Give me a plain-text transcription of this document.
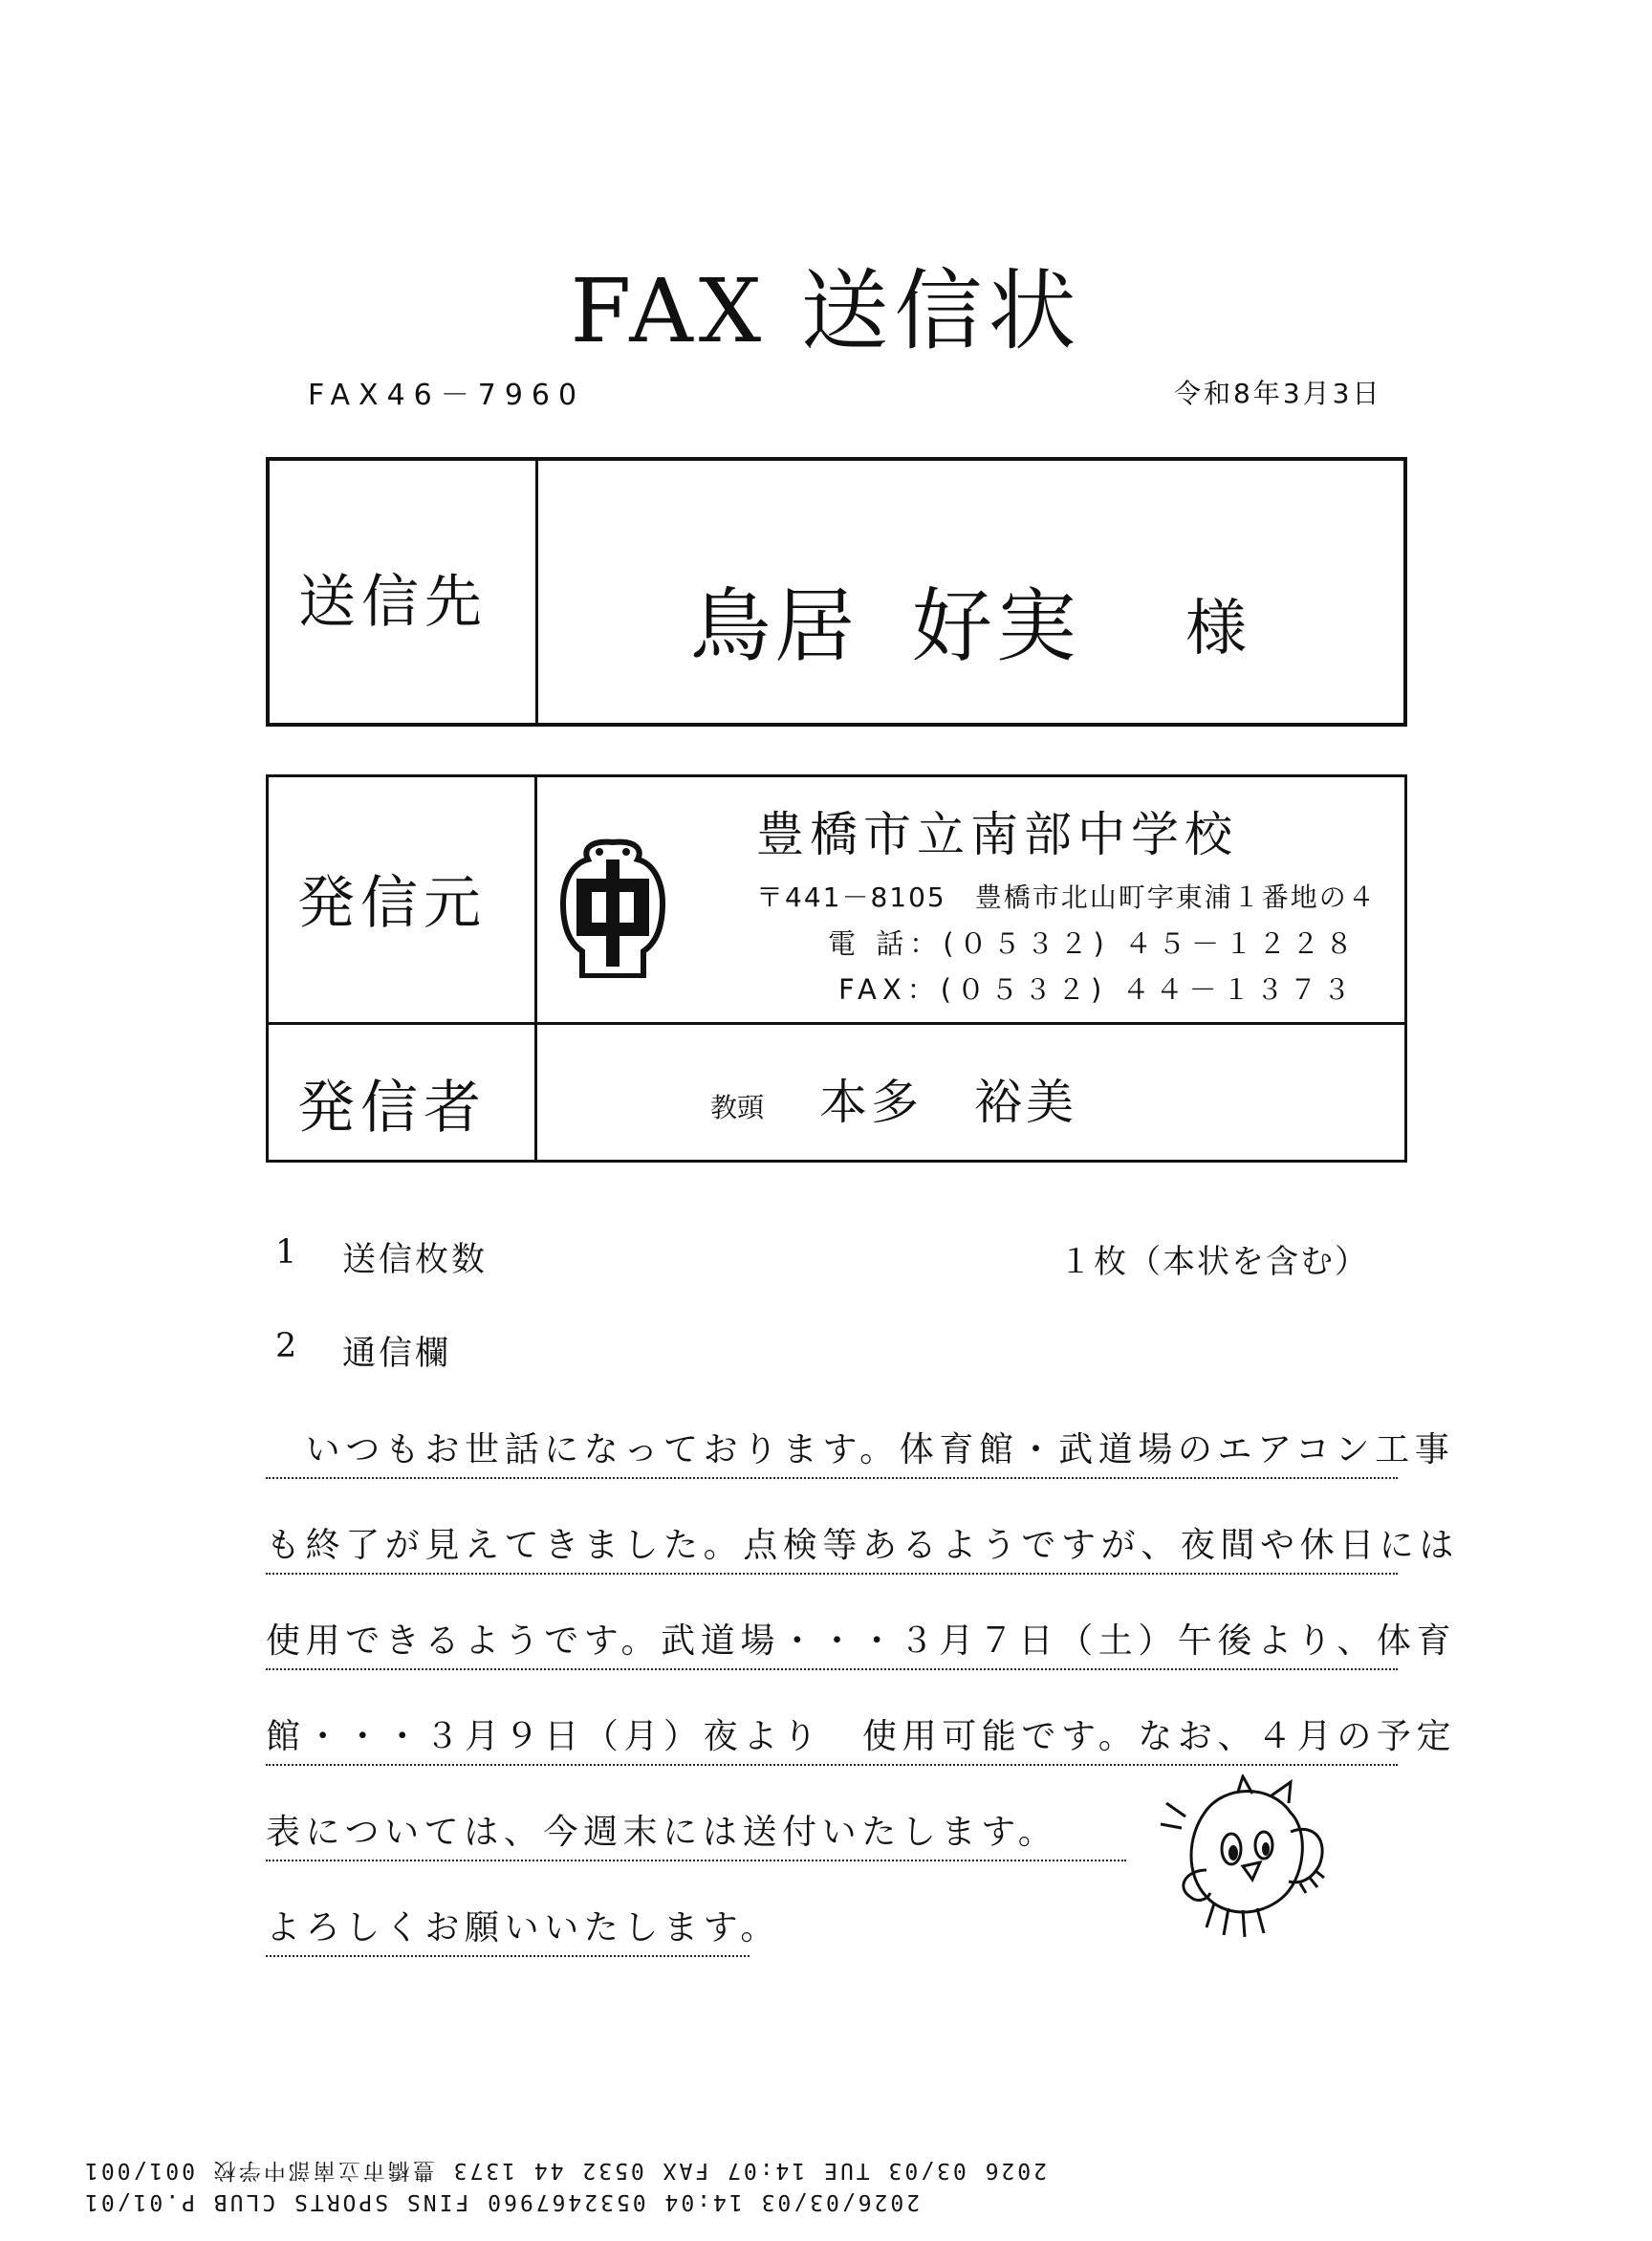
FAX 送信状
FAX46－7960	令和8年3月3日
送信先	鳥居 好実 様
発信元
豊橋市立南部中学校
〒441－8105　豊橋市北山町字東浦１番地の４
電 話：(０５３２) ４５－１２２８
FAX：(０５３２) ４４－１３７３
発信者	教頭 本多　裕美
1 送信枚数	１枚（本状を含む）
2 通信欄
　いつもお世話になっております。体育館・武道場のエアコン工事
も終了が見えてきました。点検等あるようですが、夜間や休日には
使用できるようです。武道場・・・３月７日（土）午後より、体育
館・・・３月９日（月）夜より　使用可能です。なお、４月の予定
表については、今週末には送付いたします。
よろしくお願いいたします。
2026 03/03 TUE 14:07 FAX 0532 44 1373 豊橋市立南部中学校 001/001
2026/03/03 14:04 0532467960 FINS SPORTS CLUB P.01/01
